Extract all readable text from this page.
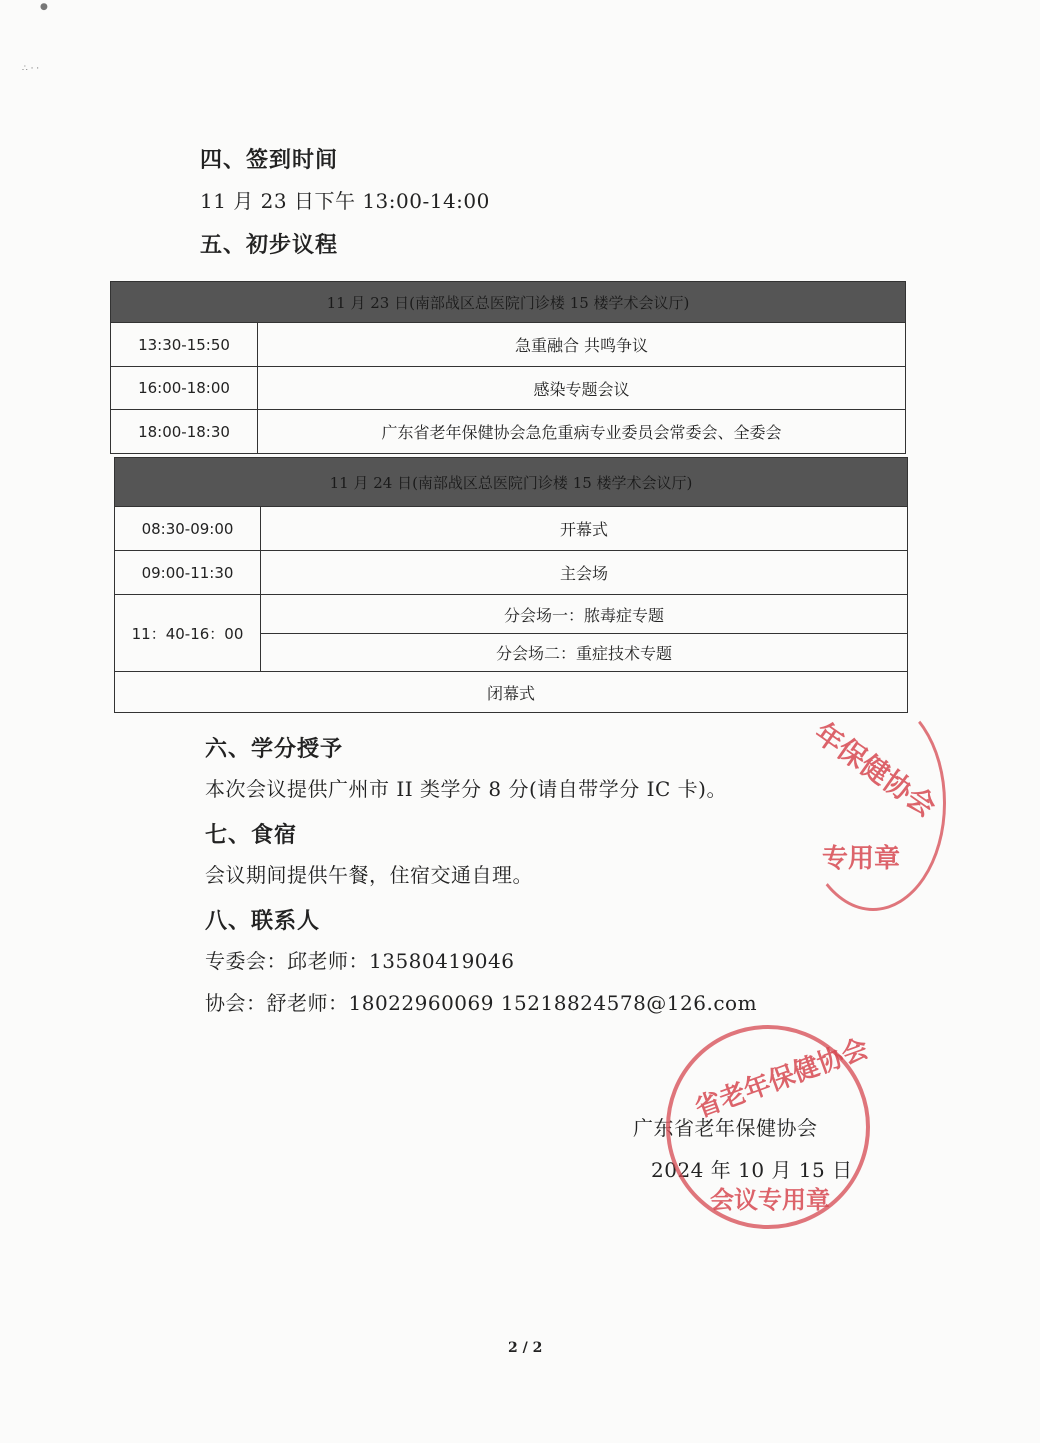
●
∴ · ·
四、签到时间
11 月 23 日下午 13:00-14:00
五、初步议程
11 月 23 日(南部战区总医院门诊楼 15 楼学术会议厅)	
13:30-15:50	急重融合 共鸣争议
16:00-18:00	感染专题会议
18:00-18:30	广东省老年保健协会急危重病专业委员会常委会、全委会
11 月 24 日(南部战区总医院门诊楼 15 楼学术会议厅)	
08:30-09:00	开幕式
09:00-11:30	主会场
11：40-16：00	分会场一：脓毒症专题
	分会场二：重症技术专题
闭幕式	
六、学分授予
本次会议提供广州市 II 类学分 8 分(请自带学分 IC 卡)。
七、食宿
会议期间提供午餐，住宿交通自理。
八、联系人
专委会：邱老师：13580419046
协会：舒老师：18022960069 15218824578@126.com
年保健协会
专用章
广东省老年保健协会
2024 年 10 月 15 日
省老年保健协会
会议专用章
2 / 2
